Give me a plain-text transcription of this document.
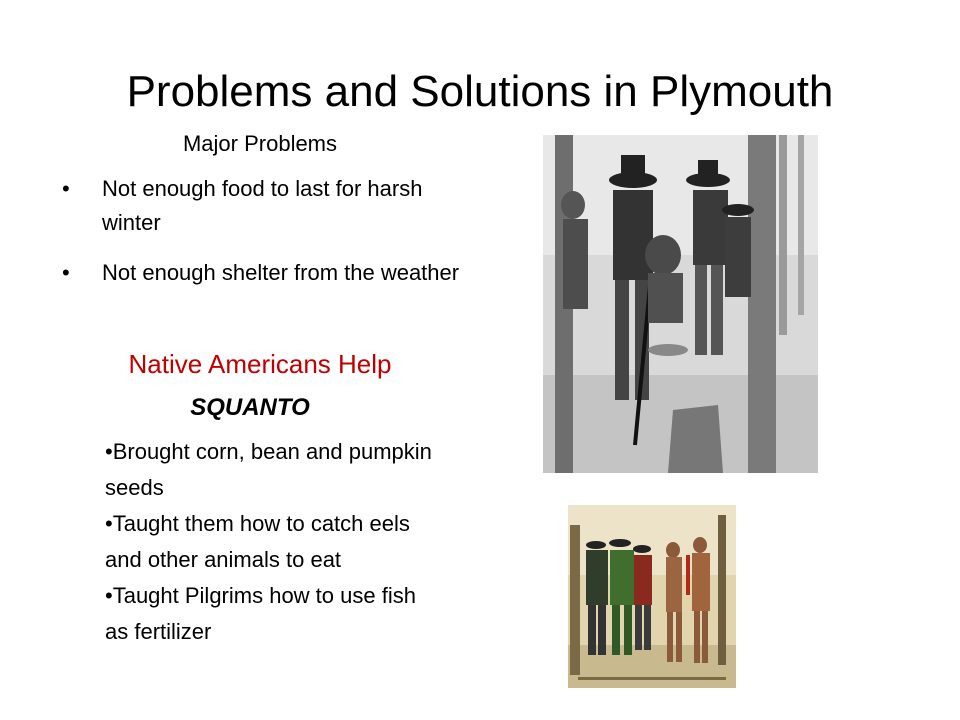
Problems and Solutions in Plymouth
Major Problems
• Not enough food to last for harsh winter
• Not enough shelter from the weather
Native Americans Help
SQUANTO
•Brought corn, bean and pumpkin seeds
•Taught them how to catch eels and other animals to eat
•Taught Pilgrims how to use fish as fertilizer
